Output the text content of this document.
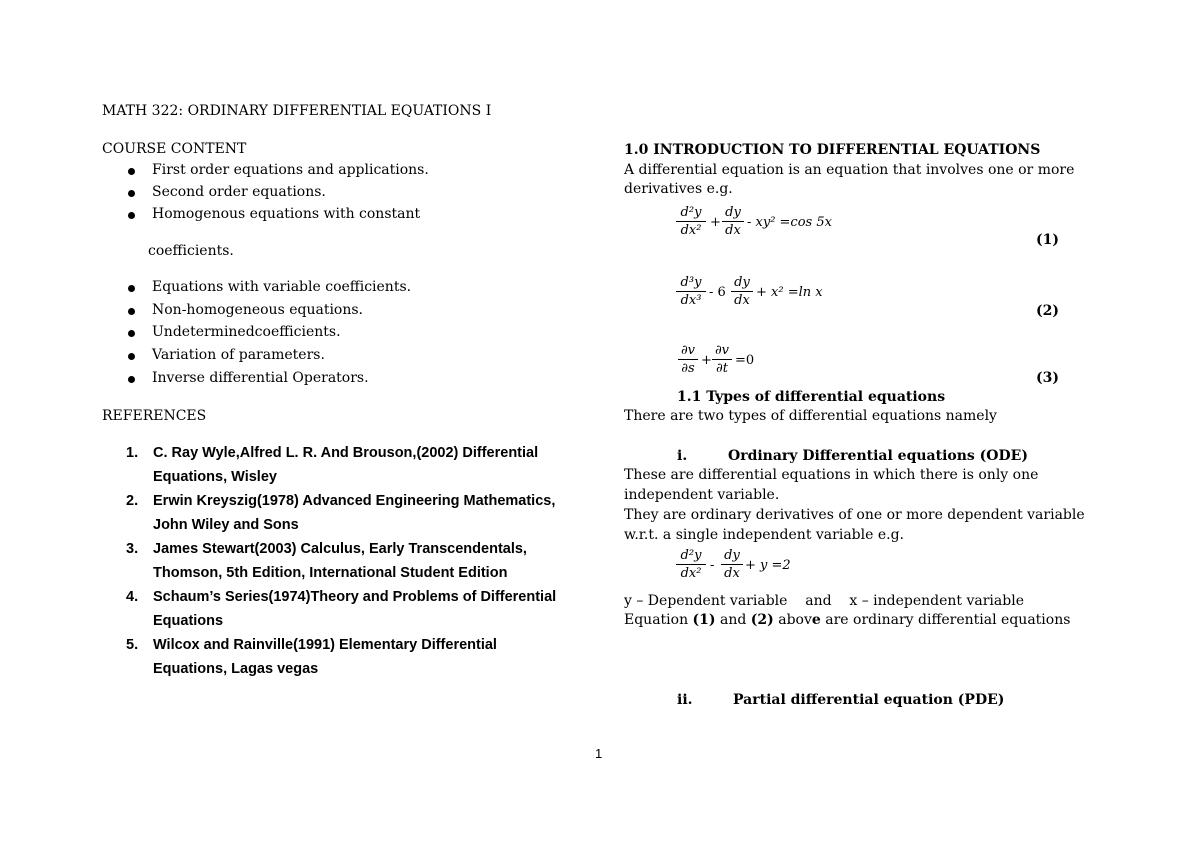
MATH 322: ORDINARY DIFFERENTIAL EQUATIONS I
COURSE CONTENT
First order equations and applications.
Second order equations.
Homogenous equations with constant
coefficients.
Equations with variable coefficients.
Non-homogeneous equations.
Undeterminedcoefficients.
Variation of parameters.
Inverse differential Operators.
REFERENCES
1. C. Ray Wyle,Alfred L. R. And Brouson,(2002) Differential
Equations, Wisley
2. Erwin Kreyszig(1978) Advanced Engineering Mathematics,
John Wiley and Sons
3. James Stewart(2003) Calculus, Early Transcendentals,
Thomson, 5th Edition, International Student Edition
4. Schaum’s Series(1974)Theory and Problems of Differential
Equations
5. Wilcox and Rainville(1991) Elementary Differential
Equations, Lagas vegas
1.0 INTRODUCTION TO DIFFERENTIAL EQUATIONS
A differential equation is an equation that involves one or more
derivatives e.g.
d²y
dx²
+
dy
dx
- xy² =cos 5x
(1)
d³y
dx³
- 6
dy
dx
+ x² =ln x
(2)
∂v
∂s
+
∂v
∂t
=0
(3)
1.1 Types of differential equations
There are two types of differential equations namely
i.	Ordinary Differential equations (ODE)
These are differential equations in which there is only one
independent variable.
They are ordinary derivatives of one or more dependent variable
w.r.t. a single independent variable e.g.
d²y
dx²
-
dy
dx
+ y =2
y – Dependent variable    and    x – independent variable
Equation (1) and (2) above are ordinary differential equations
ii.	Partial differential equation (PDE)
1
